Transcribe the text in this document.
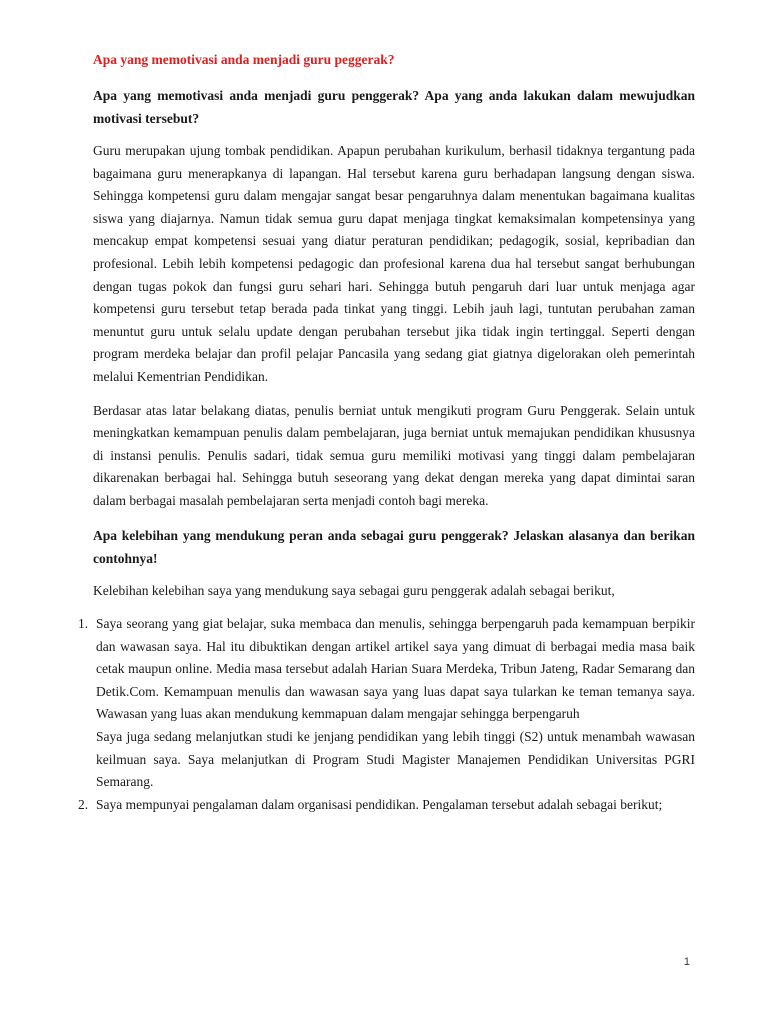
Apa yang memotivasi anda menjadi guru peggerak?
Apa yang memotivasi anda menjadi guru penggerak? Apa yang anda lakukan dalam mewujudkan motivasi tersebut?
Guru merupakan ujung tombak pendidikan. Apapun perubahan kurikulum, berhasil tidaknya tergantung pada bagaimana guru menerapkanya di lapangan. Hal tersebut karena guru berhadapan langsung dengan siswa. Sehingga kompetensi guru dalam mengajar sangat besar pengaruhnya dalam menentukan bagaimana kualitas siswa yang diajarnya. Namun tidak semua guru dapat menjaga tingkat kemaksimalan kompetensinya yang mencakup empat kompetensi sesuai yang diatur peraturan pendidikan; pedagogik, sosial, kepribadian dan profesional. Lebih lebih kompetensi pedagogic dan profesional karena dua hal tersebut sangat berhubungan dengan tugas pokok dan fungsi guru sehari hari. Sehingga butuh pengaruh dari luar untuk menjaga agar kompetensi guru tersebut tetap berada pada tinkat yang tinggi. Lebih jauh lagi, tuntutan perubahan zaman menuntut guru untuk selalu update dengan perubahan tersebut jika tidak ingin tertinggal. Seperti dengan program merdeka belajar dan profil pelajar Pancasila yang sedang giat giatnya digelorakan oleh pemerintah melalui Kementrian Pendidikan.
Berdasar atas latar belakang diatas, penulis berniat untuk mengikuti program Guru Penggerak. Selain untuk meningkatkan kemampuan penulis dalam pembelajaran, juga berniat untuk memajukan pendidikan khususnya di instansi penulis. Penulis sadari, tidak semua guru memiliki motivasi yang tinggi dalam pembelajaran dikarenakan berbagai hal. Sehingga butuh seseorang yang dekat dengan mereka yang dapat dimintai saran dalam berbagai masalah pembelajaran serta menjadi contoh bagi mereka.
Apa kelebihan yang mendukung peran anda sebagai guru penggerak? Jelaskan alasanya dan berikan contohnya!
Kelebihan kelebihan saya yang mendukung saya sebagai guru penggerak adalah sebagai berikut,
1. Saya seorang yang giat belajar, suka membaca dan menulis, sehingga berpengaruh pada kemampuan berpikir dan wawasan saya. Hal itu dibuktikan dengan artikel artikel saya yang dimuat di berbagai media masa baik cetak maupun online. Media masa tersebut adalah Harian Suara Merdeka, Tribun Jateng, Radar Semarang dan Detik.Com. Kemampuan menulis dan wawasan saya yang luas dapat saya tularkan ke teman temanya saya. Wawasan yang luas akan mendukung kemmapuan dalam mengajar sehingga berpengaruh

Saya juga sedang melanjutkan studi ke jenjang pendidikan yang lebih tinggi (S2) untuk menambah wawasan keilmuan saya. Saya melanjutkan di Program Studi Magister Manajemen Pendidikan Universitas PGRI Semarang.

2. Saya mempunyai pengalaman dalam organisasi pendidikan. Pengalaman tersebut adalah sebagai berikut;

1
